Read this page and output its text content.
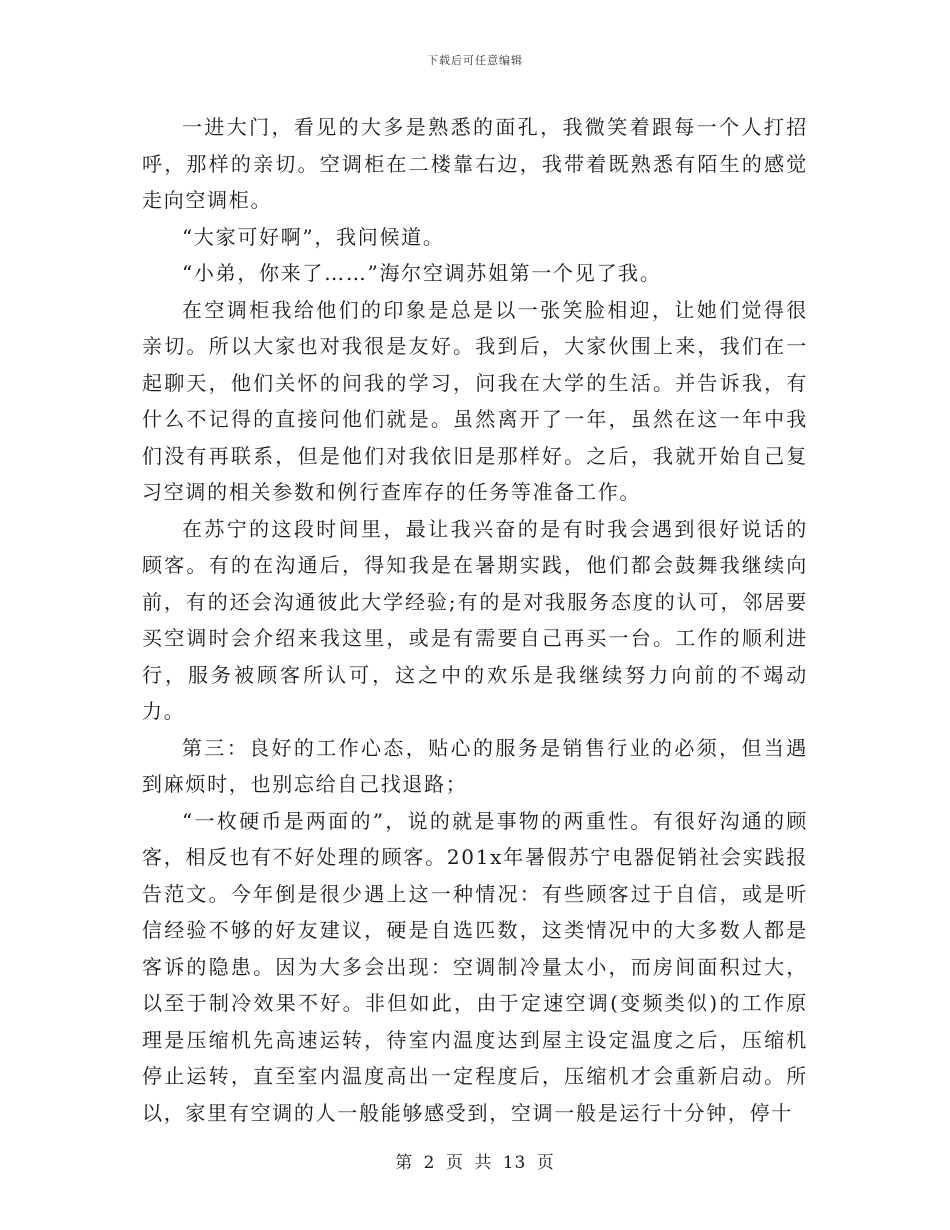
下载后可任意编辑

一进大门，看见的大多是熟悉的面孔，我微笑着跟每一个人打招呼，那样的亲切。空调柜在二楼靠右边，我带着既熟悉有陌生的感觉走向空调柜。

“大家可好啊”，我问候道。

“小弟，你来了……”海尔空调苏姐第一个见了我。

在空调柜我给他们的印象是总是以一张笑脸相迎，让她们觉得很亲切。所以大家也对我很是友好。我到后，大家伙围上来，我们在一起聊天，他们关怀的问我的学习，问我在大学的生活。并告诉我，有什么不记得的直接问他们就是。虽然离开了一年，虽然在这一年中我们没有再联系，但是他们对我依旧是那样好。之后，我就开始自己复习空调的相关参数和例行查库存的任务等准备工作。

在苏宁的这段时间里，最让我兴奋的是有时我会遇到很好说话的顾客。有的在沟通后，得知我是在暑期实践，他们都会鼓舞我继续向前，有的还会沟通彼此大学经验;有的是对我服务态度的认可，邻居要买空调时会介绍来我这里，或是有需要自己再买一台。工作的顺利进行，服务被顾客所认可，这之中的欢乐是我继续努力向前的不竭动力。

第三：良好的工作心态，贴心的服务是销售行业的必须，但当遇到麻烦时，也别忘给自己找退路；

“一枚硬币是两面的”，说的就是事物的两重性。有很好沟通的顾客，相反也有不好处理的顾客。201x年暑假苏宁电器促销社会实践报告范文。今年倒是很少遇上这一种情况：有些顾客过于自信，或是听信经验不够的好友建议，硬是自选匹数，这类情况中的大多数人都是客诉的隐患。因为大多会出现：空调制冷量太小，而房间面积过大，以至于制冷效果不好。非但如此，由于定速空调(变频类似)的工作原理是压缩机先高速运转，待室内温度达到屋主设定温度之后，压缩机停止运转，直至室内温度高出一定程度后，压缩机才会重新启动。所以，家里有空调的人一般能够感受到，空调一般是运行十分钟，停十

第 2 页 共 13 页
